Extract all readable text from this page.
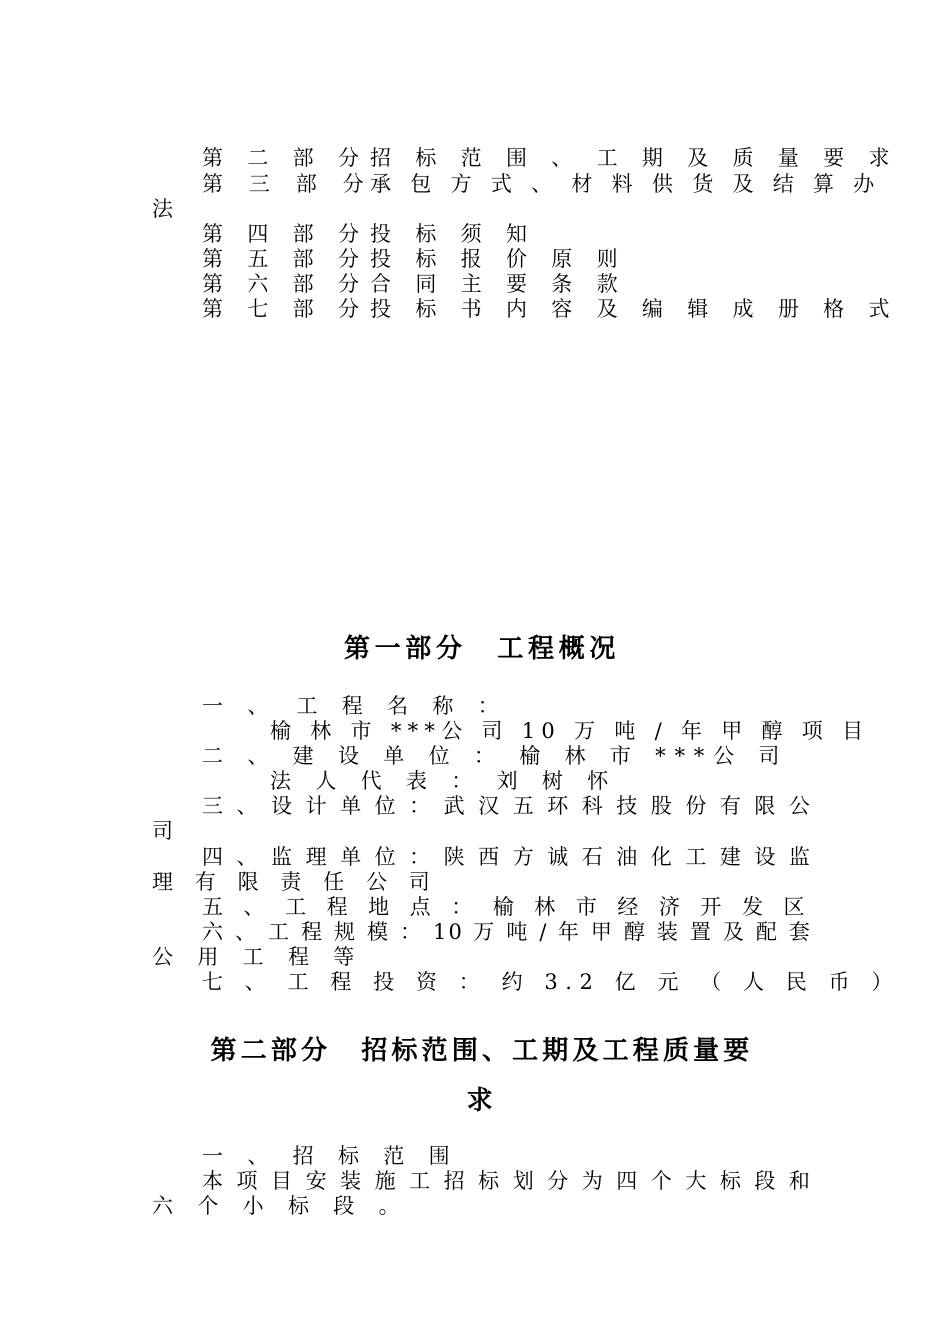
第 二 部 分 招 标 范 围 、 工 期 及 质 量 要 求
第 三 部 分承 包 方 式 、 材 料 供 货 及 结 算 办
法
第 四 部 分 投 标 须 知
第 五 部 分 投 标 报 价 原 则
第 六 部 分 合 同 主 要 条 款
第 七 部 分 投 标 书 内 容 及 编 辑 成 册 格 式
第一部分　工程概况
一 、　工 程 名 称 ：
榆 林 市 ***公 司 10 万 吨 / 年 甲 醇 项 目
二 、 建 设 单 位 ： 榆 林 市 ***公 司
法 人 代 表 ： 刘 树 怀
三 、 设 计 单 位 ： 武 汉 五 环 科 技 股 份 有 限 公
司
四 、 监 理 单 位 ： 陕 西 方 诚 石 油 化 工 建 设 监
理 有 限 责 任 公 司
五 、 工 程 地 点 ： 榆 林 市 经 济 开 发 区
六 、 工 程 规 模 ： 10 万 吨 / 年 甲 醇 装 置 及 配 套
公 用 工 程 等
七 、 工 程 投 资 ： 约 3.2 亿 元 （ 人 民 币 ）
第二部分　招标范围、工期及工程质量要
求
一 、 招 标 范 围
本 项 目 安 装 施 工 招 标 划 分 为 四 个 大 标 段 和
六 个 小 标 段 。
